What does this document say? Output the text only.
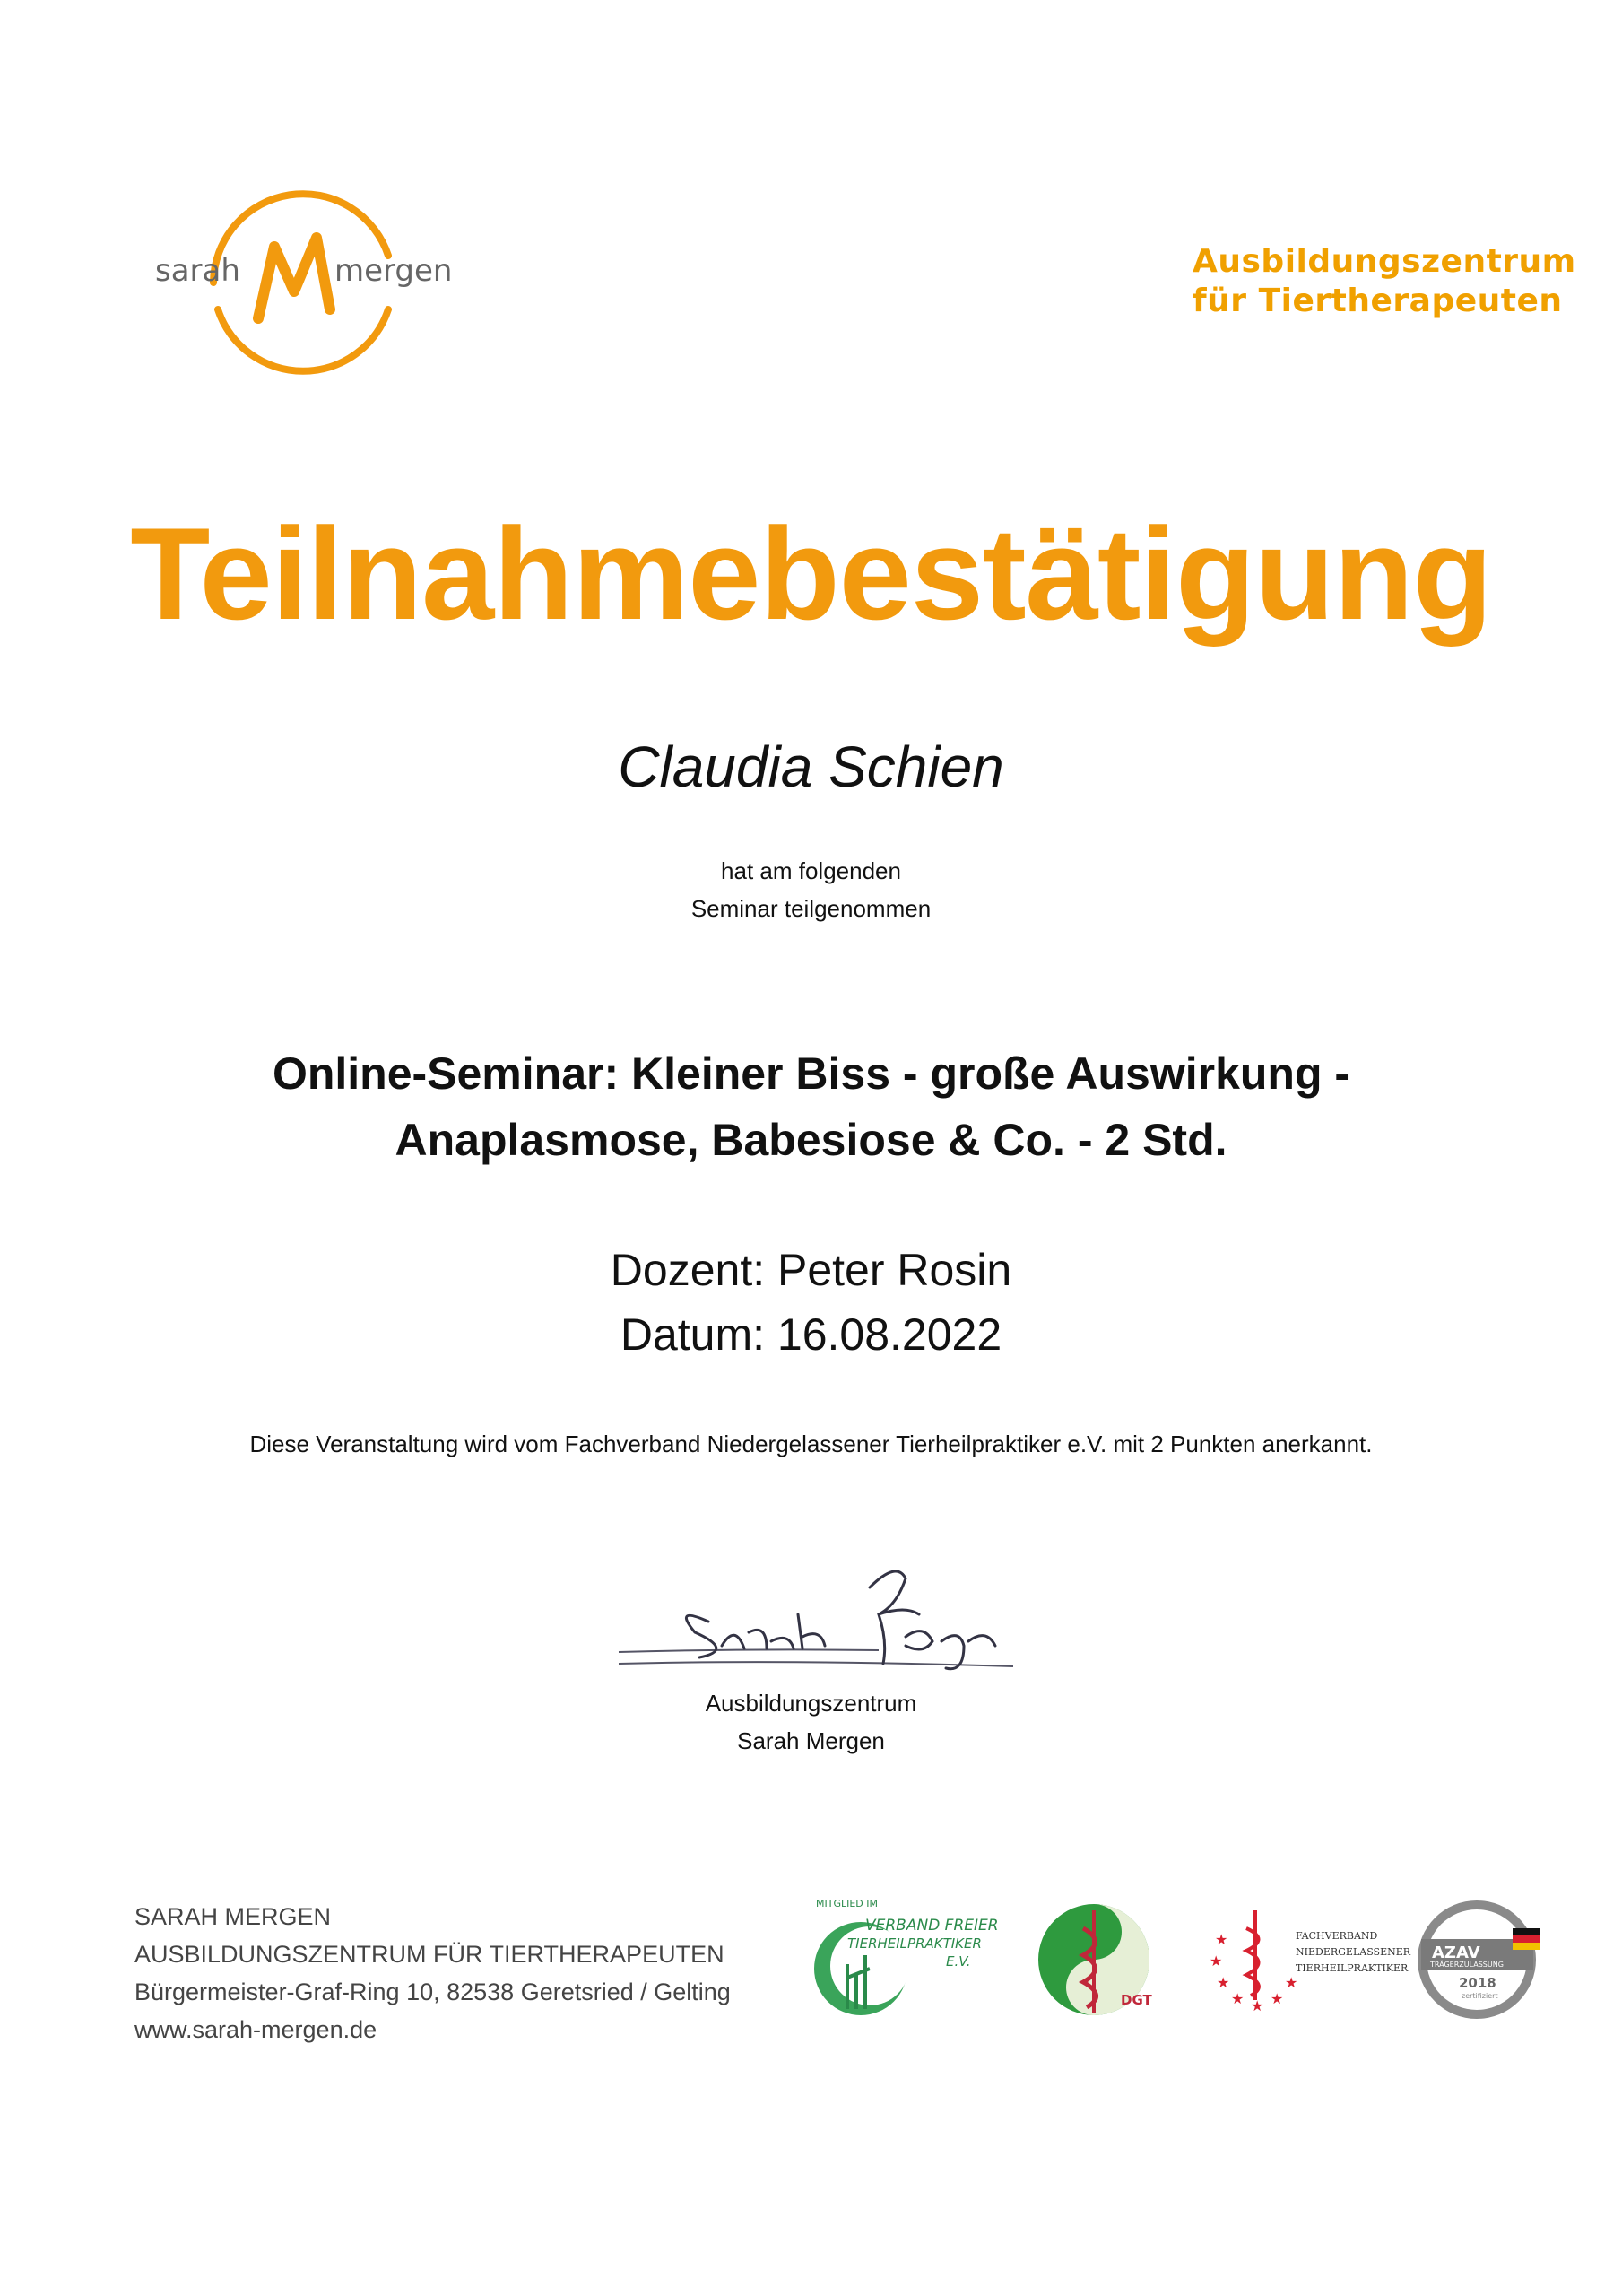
sarah	mergen	Ausbildungszentrum
für Tiertherapeuten
Teilnahmebestätigung
Claudia Schien
hat am folgenden
Seminar teilgenommen
Online-Seminar: Kleiner Biss - große Auswirkung -
Anaplasmose, Babesiose & Co. - 2 Std.
Dozent: Peter Rosin
Datum: 16.08.2022
Diese Veranstaltung wird vom Fachverband Niedergelassener Tierheilpraktiker e.V. mit 2 Punkten anerkannt.
Ausbildungszentrum
Sarah Mergen
SARAH MERGEN
AUSBILDUNGSZENTRUM FÜR TIERTHERAPEUTEN
Bürgermeister-Graf-Ring 10, 82538 Geretsried / Gelting
www.sarah-mergen.de
MITGLIED IM
VERBAND FREIER
TIERHEILPRAKTIKER
E.V.
DGT
★
★
★
★ ★ ★
★
FACHVERBAND
NIEDERGELASSENER
TIERHEILPRAKTIKER
AZAV
TRÄGERZULASSUNG
2018
zertifiziert
